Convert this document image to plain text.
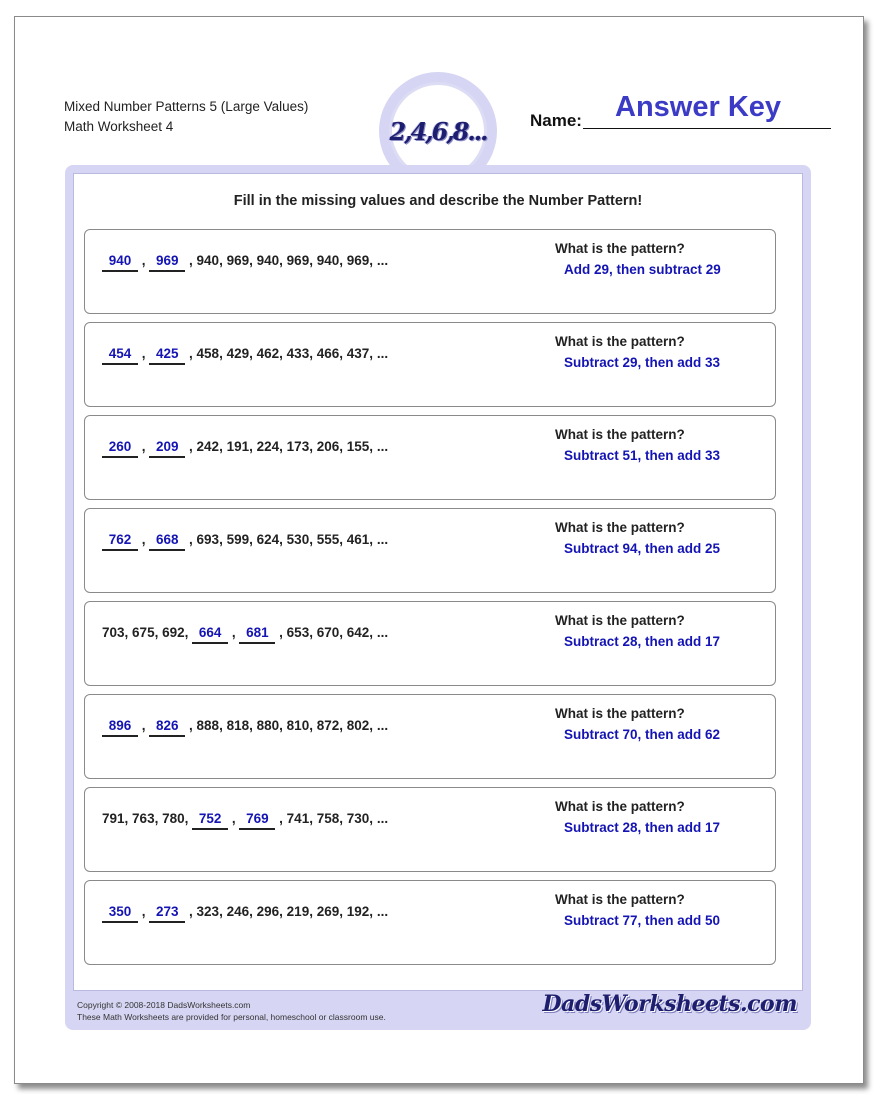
Mixed Number Patterns 5 (Large Values)
Math Worksheet 4	2,4,6,8...	Name: Answer Key
Fill in the missing values and describe the Number Pattern!
940 , 969 , 940, 969, 940, 969, 940, 969, ...
What is the pattern?
Add 29, then subtract 29
454 , 425 , 458, 429, 462, 433, 466, 437, ...
What is the pattern?
Subtract 29, then add 33
260 , 209 , 242, 191, 224, 173, 206, 155, ...
What is the pattern?
Subtract 51, then add 33
762 , 668 , 693, 599, 624, 530, 555, 461, ...
What is the pattern?
Subtract 94, then add 25
703, 675, 692, 664 , 681 , 653, 670, 642, ...
What is the pattern?
Subtract 28, then add 17
896 , 826 , 888, 818, 880, 810, 872, 802, ...
What is the pattern?
Subtract 70, then add 62
791, 763, 780, 752 , 769 , 741, 758, 730, ...
What is the pattern?
Subtract 28, then add 17
350 , 273 , 323, 246, 296, 219, 269, 192, ...
What is the pattern?
Subtract 77, then add 50
Copyright © 2008-2018 DadsWorksheets.com
These Math Worksheets are provided for personal, homeschool or classroom use.	DadsWorksheets.com
